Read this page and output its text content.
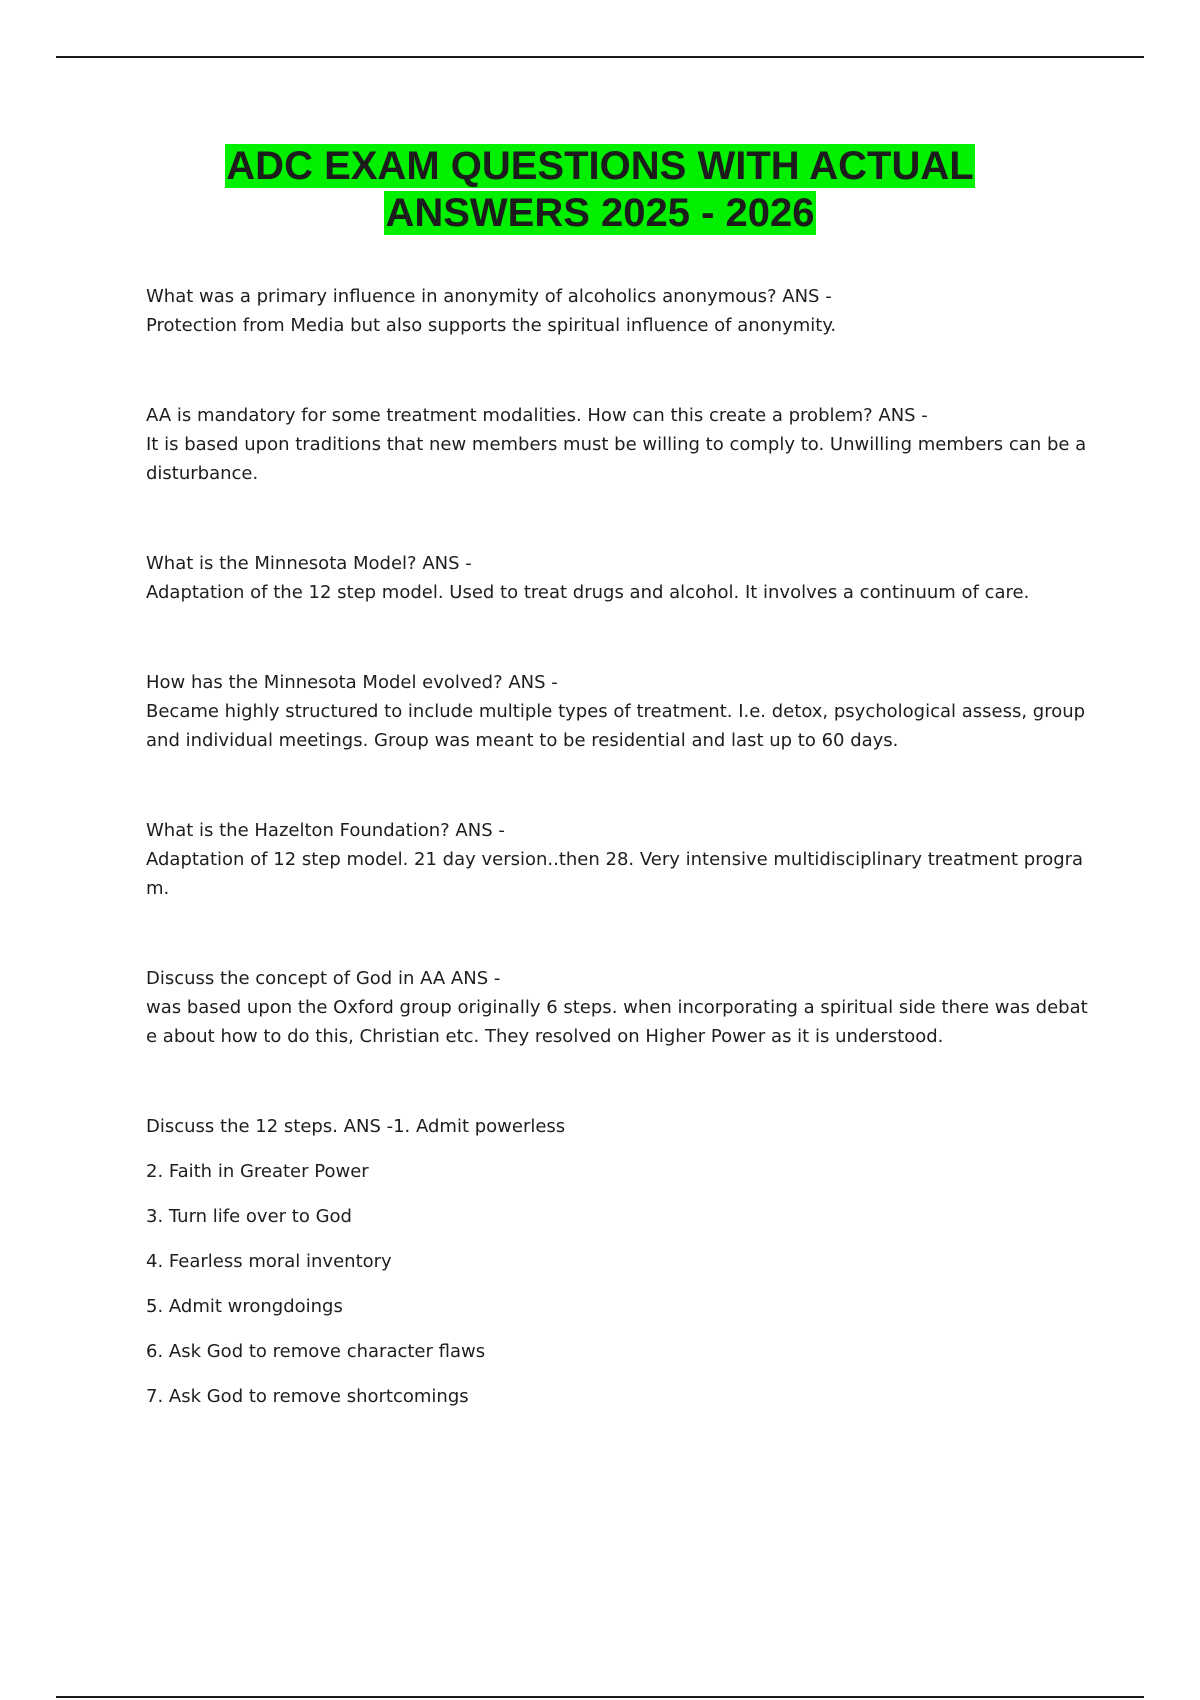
ADC EXAM QUESTIONS WITH ACTUAL
ANSWERS 2025 - 2026

What was a primary influence in anonymity of alcoholics anonymous? ANS -

Protection from Media but also supports the spiritual influence of anonymity.

AA is mandatory for some treatment modalities. How can this create a problem? ANS -

It is based upon traditions that new members must be willing to comply to. Unwilling members can be a disturbance.

What is the Minnesota Model? ANS -

Adaptation of the 12 step model. Used to treat drugs and alcohol. It involves a continuum of care.

How has the Minnesota Model evolved? ANS -

Became highly structured to include multiple types of treatment. I.e. detox, psychological assess, group and individual meetings. Group was meant to be residential and last up to 60 days.

What is the Hazelton Foundation? ANS -

Adaptation of 12 step model. 21 day version..then 28. Very intensive multidisciplinary treatment program.

Discuss the concept of God in AA ANS -

was based upon the Oxford group originally 6 steps. when incorporating a spiritual side there was debate about how to do this, Christian etc. They resolved on Higher Power as it is understood.

Discuss the 12 steps. ANS -1. Admit powerless

2. Faith in Greater Power
3. Turn life over to God
4. Fearless moral inventory
5. Admit wrongdoings
6. Ask God to remove character flaws
7. Ask God to remove shortcomings
